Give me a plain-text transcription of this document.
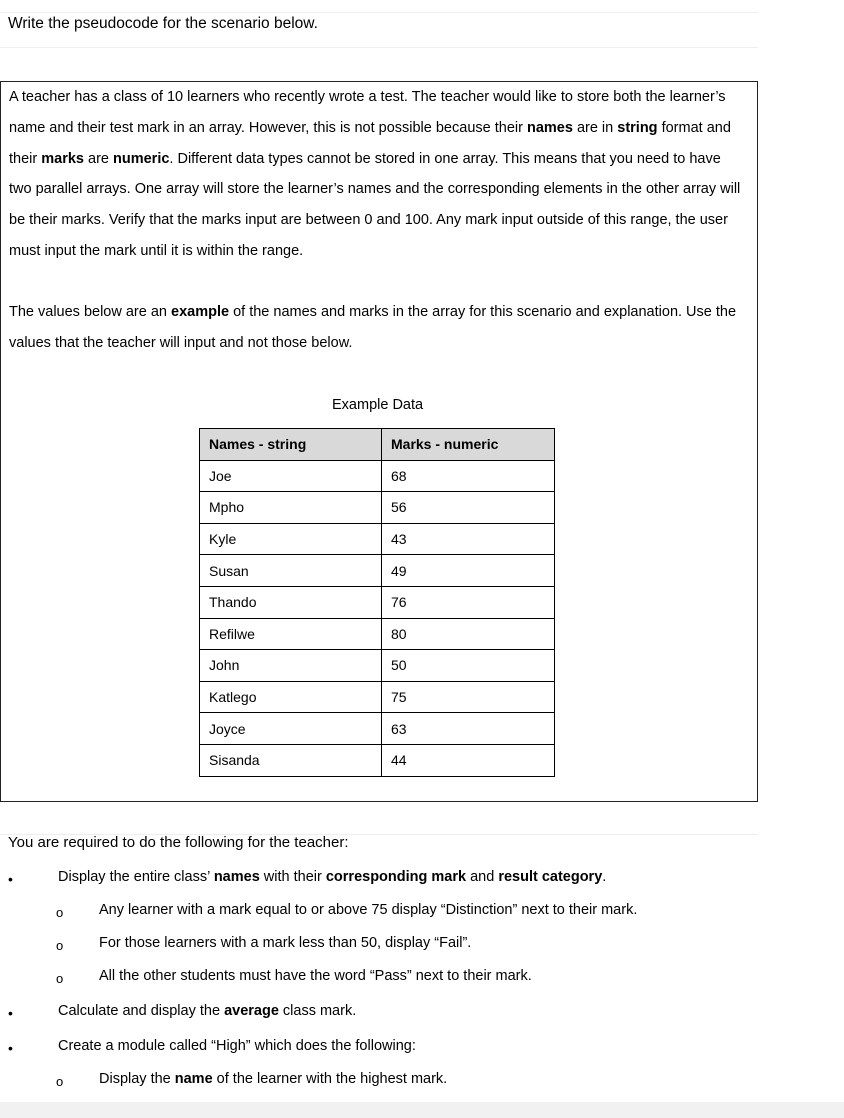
Write the pseudocode for the scenario below.
A teacher has a class of 10 learners who recently wrote a test. The teacher would like to store both the learner’s name and their test mark in an array. However, this is not possible because their names are in string format and their marks are numeric. Different data types cannot be stored in one array. This means that you need to have two parallel arrays. One array will store the learner’s names and the corresponding elements in the other array will be their marks. Verify that the marks input are between 0 and 100. Any mark input outside of this range, the user must input the mark until it is within the range.
The values below are an example of the names and marks in the array for this scenario and explanation. Use the values that the teacher will input and not those below.
Example Data
Names - string	Marks - numeric
Joe	68
Mpho	56
Kyle	43
Susan	49
Thando	76
Refilwe	80
John	50
Katlego	75
Joyce	63
Sisanda	44
You are required to do the following for the teacher:
•	Display the entire class’ names with their corresponding mark and result category.
o Any learner with a mark equal to or above 75 display “Distinction” next to their mark.
o For those learners with a mark less than 50, display “Fail”.
o All the other students must have the word “Pass” next to their mark.
•	Calculate and display the average class mark.
•	Create a module called “High” which does the following:
o Display the name of the learner with the highest mark.
